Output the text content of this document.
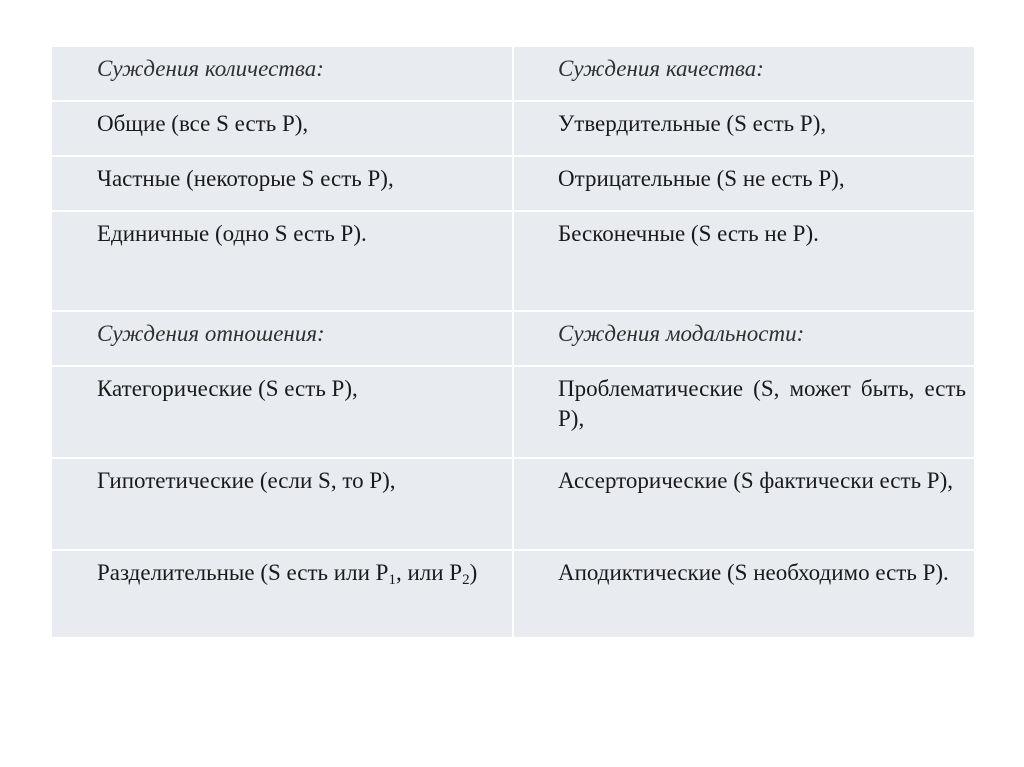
Суждения количества:	Суждения качества:
Общие (все S есть P),	Утвердительные (S есть P),
Частные (некоторые S есть P),	Отрицательные (S не есть P),
Единичные (одно S есть P).	Бесконечные (S есть не P).
Суждения отношения:	Суждения модальности:
Категорические (S есть P),	Проблематические (S, может быть, есть P),
Гипотетические (если S, то P),	Ассерторические (S фактически есть P),
Разделительные (S есть или $P_1$, или $P_2$)	Аподиктические (S необходимо есть P).
